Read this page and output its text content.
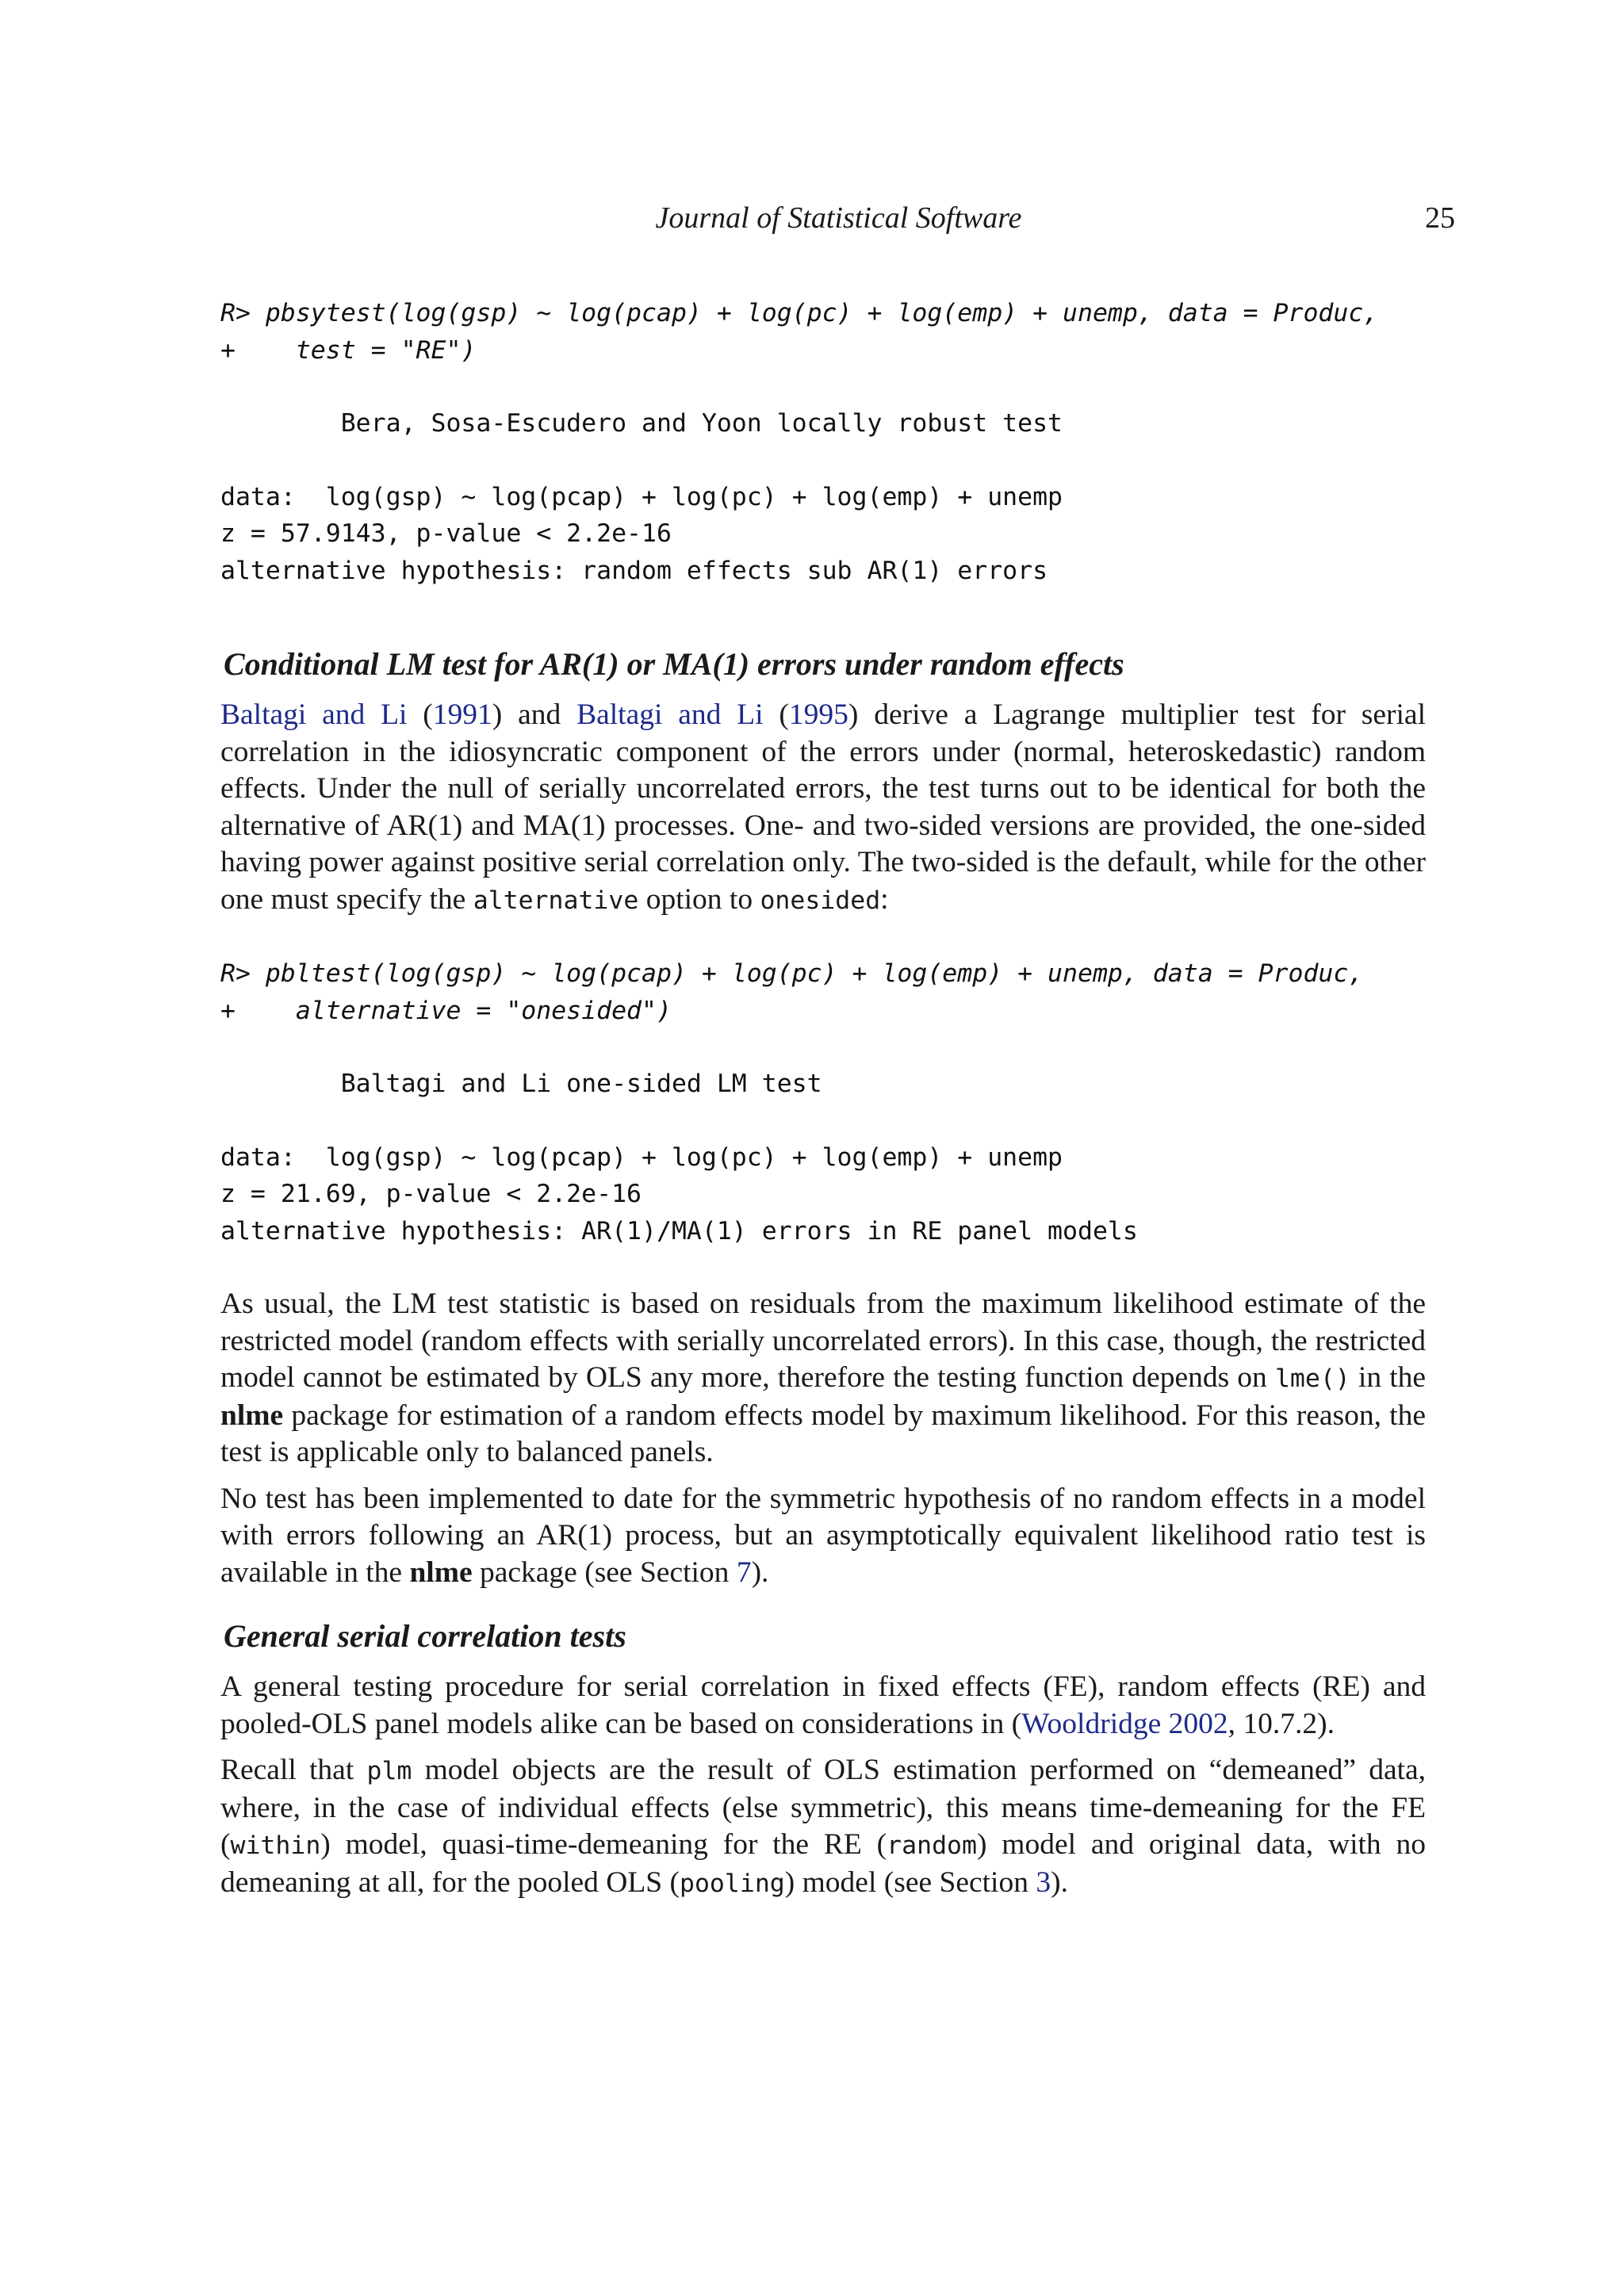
Journal of Statistical Software	25
R> pbsytest(log(gsp) ~ log(pcap) + log(pc) + log(emp) + unemp, data = Produc,
+    test = "RE")
Bera, Sosa-Escudero and Yoon locally robust test
data:  log(gsp) ~ log(pcap) + log(pc) + log(emp) + unemp
z = 57.9143, p-value < 2.2e-16
alternative hypothesis: random effects sub AR(1) errors
Conditional LM test for AR(1) or MA(1) errors under random effects

Baltagi and Li (1991) and Baltagi and Li (1995) derive a Lagrange multiplier test for serial correlation in the idiosyncratic component of the errors under (normal, heteroskedastic) random effects. Under the null of serially uncorrelated errors, the test turns out to be identical for both the alternative of AR(1) and MA(1) processes. One- and two-sided versions are provided, the one-sided having power against positive serial correlation only. The two-sided is the default, while for the other one must specify the alternative option to onesided:

R> pbltest(log(gsp) ~ log(pcap) + log(pc) + log(emp) + unemp, data = Produc,
+    alternative = "onesided")
Baltagi and Li one-sided LM test
data:  log(gsp) ~ log(pcap) + log(pc) + log(emp) + unemp
z = 21.69, p-value < 2.2e-16
alternative hypothesis: AR(1)/MA(1) errors in RE panel models

As usual, the LM test statistic is based on residuals from the maximum likelihood estimate of the restricted model (random effects with serially uncorrelated errors). In this case, though, the restricted model cannot be estimated by OLS any more, therefore the testing function depends on lme() in the nlme package for estimation of a random effects model by maximum likelihood. For this reason, the test is applicable only to balanced panels.

No test has been implemented to date for the symmetric hypothesis of no random effects in a model with errors following an AR(1) process, but an asymptotically equivalent likelihood ratio test is available in the nlme package (see Section 7).

General serial correlation tests

A general testing procedure for serial correlation in fixed effects (FE), random effects (RE) and pooled-OLS panel models alike can be based on considerations in (Wooldridge 2002, 10.7.2).

Recall that plm model objects are the result of OLS estimation performed on “demeaned” data, where, in the case of individual effects (else symmetric), this means time-demeaning for the FE (within) model, quasi-time-demeaning for the RE (random) model and original data, with no demeaning at all, for the pooled OLS (pooling) model (see Section 3).
